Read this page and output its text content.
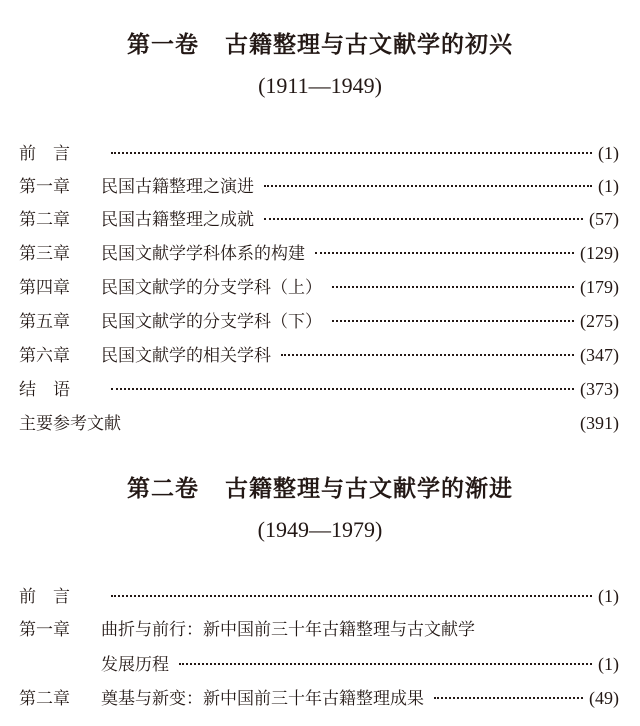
第一卷 古籍整理与古文献学的初兴
(1911—1949)
前　言	(1)
第一章	民国古籍整理之演进	(1)
第二章	民国古籍整理之成就	(57)
第三章	民国文献学学科体系的构建	(129)
第四章	民国文献学的分支学科（上）	(179)
第五章	民国文献学的分支学科（下）	(275)
第六章	民国文献学的相关学科	(347)
结　语	(373)
主要参考文献	(391)
第二卷 古籍整理与古文献学的渐进
(1949—1979)
前　言	(1)
第一章	曲折与前行：新中国前三十年古籍整理与古文献学
发展历程	(1)
第二章	奠基与新变：新中国前三十年古籍整理成果	(49)
